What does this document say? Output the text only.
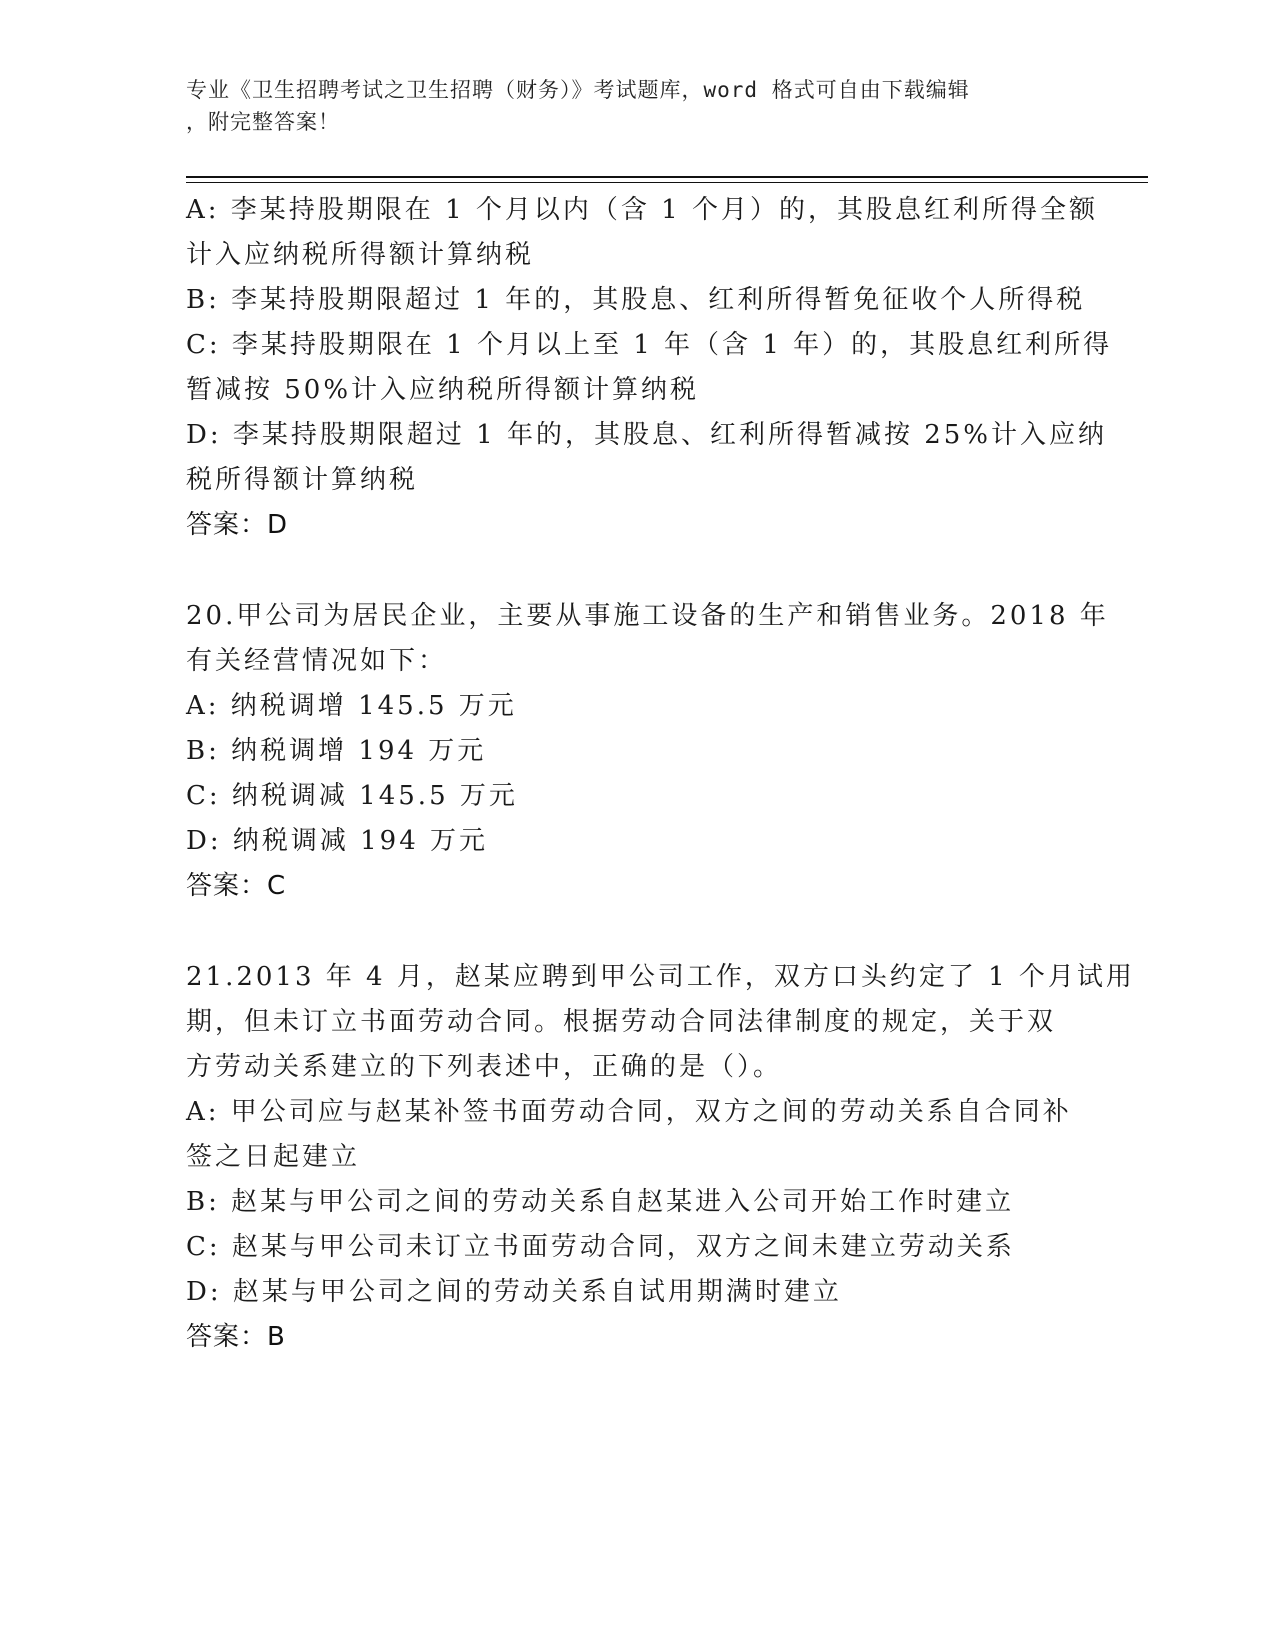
专业《卫生招聘考试之卫生招聘（财务）》考试题库，word 格式可自由下载编辑
，附完整答案！
A: 李某持股期限在 1 个月以内（含 1 个月）的，其股息红利所得全额
计入应纳税所得额计算纳税
B: 李某持股期限超过 1 年的，其股息、红利所得暂免征收个人所得税
C: 李某持股期限在 1 个月以上至 1 年（含 1 年）的，其股息红利所得
暂减按 50%计入应纳税所得额计算纳税
D: 李某持股期限超过 1 年的，其股息、红利所得暂减按 25%计入应纳
税所得额计算纳税
答案：D
20.甲公司为居民企业，主要从事施工设备的生产和销售业务。2018 年
有关经营情况如下：
A: 纳税调增 145.5 万元
B: 纳税调增 194 万元
C: 纳税调减 145.5 万元
D: 纳税调减 194 万元
答案：C
21.2013 年 4 月，赵某应聘到甲公司工作，双方口头约定了 1 个月试用
期，但未订立书面劳动合同。根据劳动合同法律制度的规定，关于双
方劳动关系建立的下列表述中，正确的是（）。
A: 甲公司应与赵某补签书面劳动合同，双方之间的劳动关系自合同补
签之日起建立
B: 赵某与甲公司之间的劳动关系自赵某进入公司开始工作时建立
C: 赵某与甲公司未订立书面劳动合同，双方之间未建立劳动关系
D: 赵某与甲公司之间的劳动关系自试用期满时建立
答案：B
